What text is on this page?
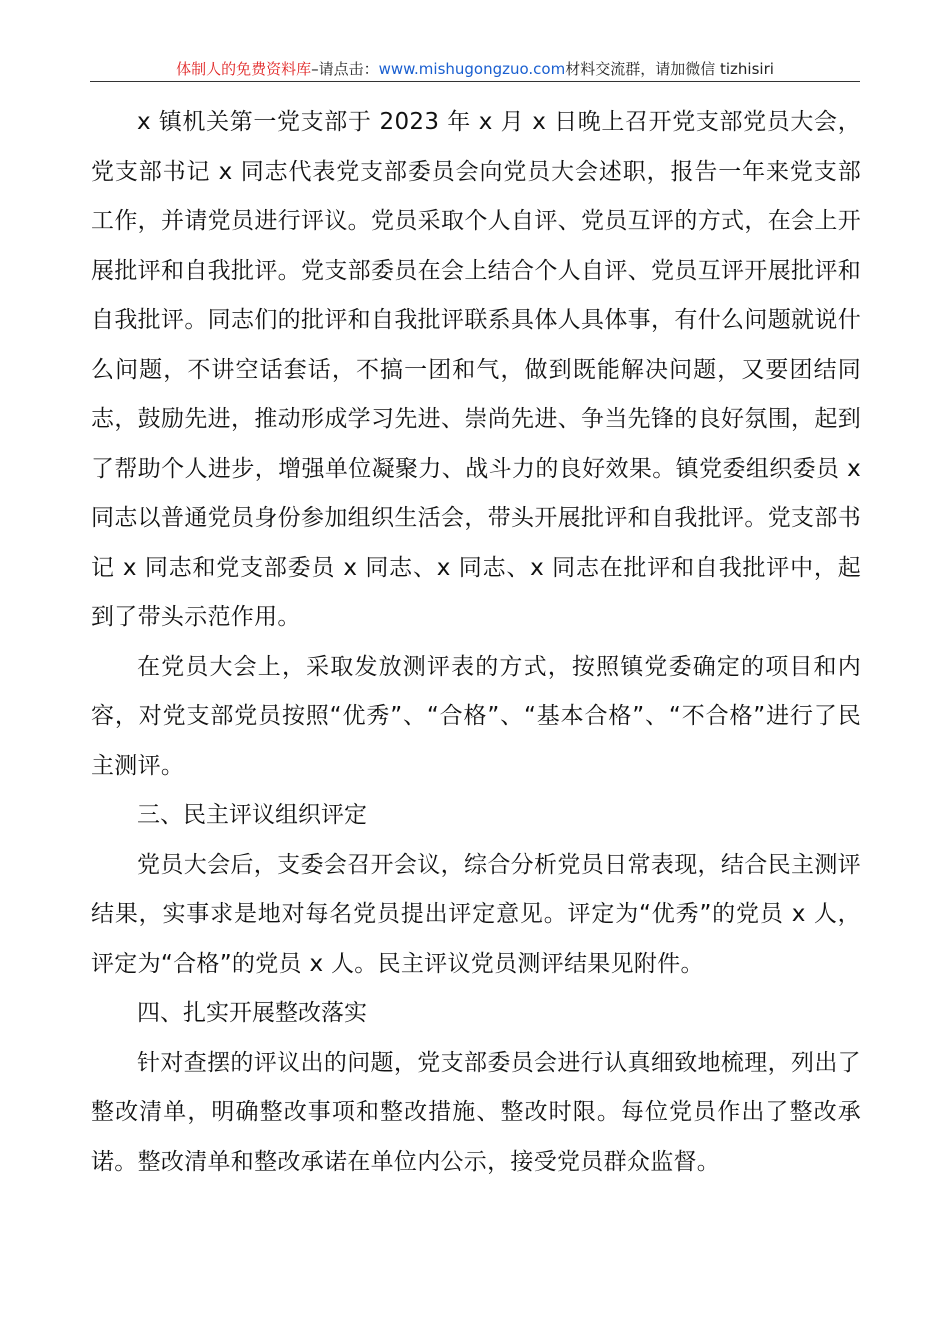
体制人的免费资料库–请点击：www.mishugongzuo.com材料交流群，请加微信 tizhisiri

x 镇机关第一党支部于 2023 年 x 月 x 日晚上召开党支部党员大会，党支部书记 x 同志代表党支部委员会向党员大会述职，报告一年来党支部工作，并请党员进行评议。党员采取个人自评、党员互评的方式，在会上开展批评和自我批评。党支部委员在会上结合个人自评、党员互评开展批评和自我批评。同志们的批评和自我批评联系具体人具体事，有什么问题就说什么问题，不讲空话套话，不搞一团和气，做到既能解决问题，又要团结同志，鼓励先进，推动形成学习先进、崇尚先进、争当先锋的良好氛围，起到了帮助个人进步，增强单位凝聚力、战斗力的良好效果。镇党委组织委员 x 同志以普通党员身份参加组织生活会，带头开展批评和自我批评。党支部书记 x 同志和党支部委员 x 同志、x 同志、x 同志在批评和自我批评中，起到了带头示范作用。

在党员大会上，采取发放测评表的方式，按照镇党委确定的项目和内容，对党支部党员按照“优秀”、“合格”、“基本合格”、“不合格”进行了民主测评。

三、民主评议组织评定

党员大会后，支委会召开会议，综合分析党员日常表现，结合民主测评结果，实事求是地对每名党员提出评定意见。评定为“优秀”的党员 x 人，评定为“合格”的党员 x 人。民主评议党员测评结果见附件。

四、扎实开展整改落实

针对查摆的评议出的问题，党支部委员会进行认真细致地梳理，列出了整改清单，明确整改事项和整改措施、整改时限。每位党员作出了整改承诺。整改清单和整改承诺在单位内公示，接受党员群众监督。
